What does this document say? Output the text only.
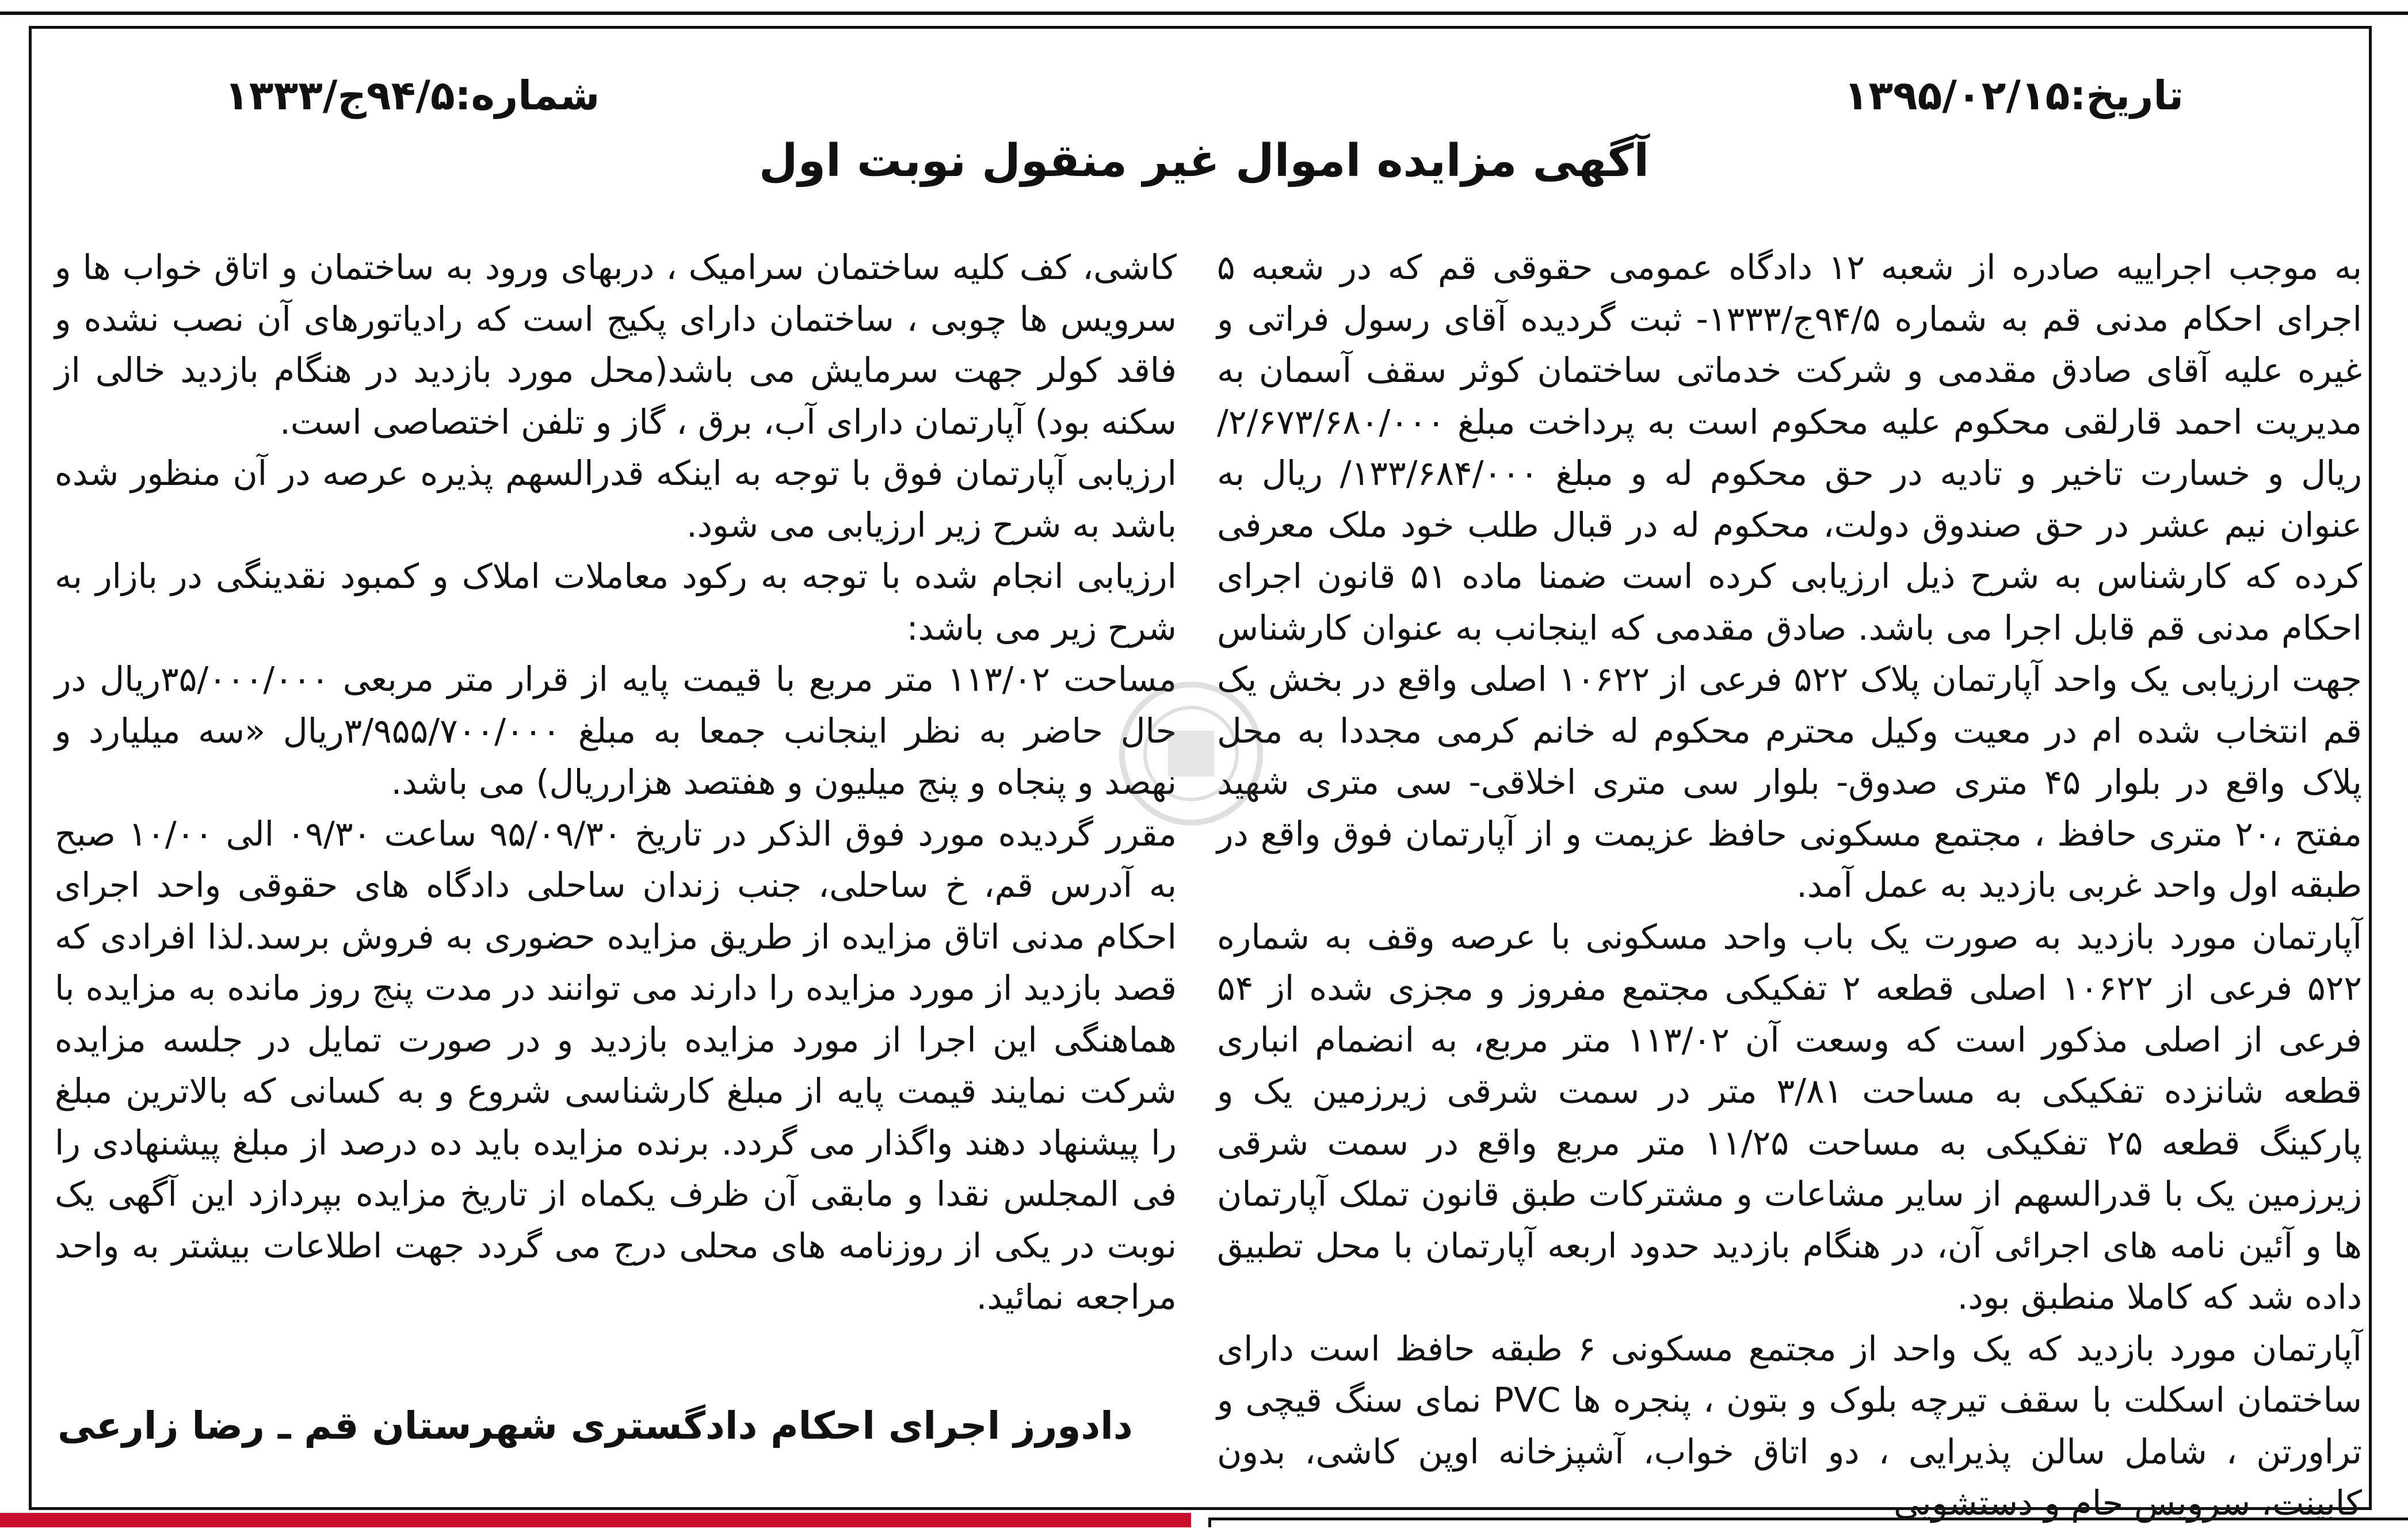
تاریخ:۱۳۹۵/۰۲/۱۵
شماره:۹۴/۵ج/۱۳۳۳
آگهی مزایده اموال غیر منقول نوبت اول

به موجب اجراییه صادره از شعبه ۱۲ دادگاه عمومی حقوقی قم که در شعبه ۵ اجرای احکام مدنی قم به شماره ۹۴/۵ج/۱۳۳۳- ثبت گردیده آقای رسول فراتی و غیره علیه آقای صادق مقدمی و شرکت خدماتی ساختمان کوثر سقف آسمان به مدیریت احمد قارلقی محکوم علیه محکوم است به پرداخت مبلغ ۲/۶۷۳/۶۸۰/۰۰۰/ ریال و خسارت تاخیر و تادیه در حق محکوم له و مبلغ ۱۳۳/۶۸۴/۰۰۰/ ریال به عنوان نیم عشر در حق صندوق دولت، محکوم له در قبال طلب خود ملک معرفی کرده که کارشناس به شرح ذیل ارزیابی کرده است ضمنا ماده ۵۱ قانون اجرای احکام مدنی قم قابل اجرا می باشد. صادق مقدمی که اینجانب به عنوان کارشناس جهت ارزیابی یک واحد آپارتمان پلاک ۵۲۲ فرعی از ۱۰۶۲۲ اصلی واقع در بخش یک قم انتخاب شده ام در معیت وکیل محترم محکوم له خانم کرمی مجددا به محل پلاک واقع در بلوار ۴۵ متری صدوق- بلوار سی متری اخلاقی- سی متری شهید مفتح ،۲۰ متری حافظ ، مجتمع مسکونی حافظ عزیمت و از آپارتمان فوق واقع در طبقه اول واحد غربی بازدید به عمل آمد.

آپارتمان مورد بازدید به صورت یک باب واحد مسکونی با عرصه وقف به شماره ۵۲۲ فرعی از ۱۰۶۲۲ اصلی قطعه ۲ تفکیکی مجتمع مفروز و مجزی شده از ۵۴ فرعی از اصلی مذکور است که وسعت آن ۱۱۳/۰۲ متر مربع، به انضمام انباری قطعه شانزده تفکیکی به مساحت ۳/۸۱ متر در سمت شرقی زیرزمین یک و پارکینگ قطعه ۲۵ تفکیکی به مساحت ۱۱/۲۵ متر مربع واقع در سمت شرقی زیرزمین یک با قدرالسهم از سایر مشاعات و مشترکات طبق قانون تملک آپارتمان ها و آئین نامه های اجرائی آن، در هنگام بازدید حدود اربعه آپارتمان با محل تطبیق داده شد که کاملا منطبق بود.

آپارتمان مورد بازدید که یک واحد از مجتمع مسکونی ۶ طبقه حافظ است دارای ساختمان اسکلت با سقف تیرچه بلوک و بتون ، پنجره ها PVC نمای سنگ قیچی و تراورتن ، شامل سالن پذیرایی ، دو اتاق خواب، آشپزخانه اوپن کاشی، بدون کابینت، سرویس حام و دستشویی

کاشی، کف کلیه ساختمان سرامیک ، دربهای ورود به ساختمان و اتاق خواب ها و سرویس ها چوبی ، ساختمان دارای پکیج است که رادیاتورهای آن نصب نشده و فاقد کولر جهت سرمایش می باشد(محل مورد بازدید در هنگام بازدید خالی از سکنه بود) آپارتمان دارای آب، برق ، گاز و تلفن اختصاصی است.

ارزیابی آپارتمان فوق با توجه به اینکه قدرالسهم پذیره عرصه در آن منظور شده باشد به شرح زیر ارزیابی می شود.

ارزیابی انجام شده با توجه به رکود معاملات املاک و کمبود نقدینگی در بازار به شرح زیر می باشد:

مساحت ۱۱۳/۰۲ متر مربع با قیمت پایه از قرار متر مربعی ۳۵/۰۰۰/۰۰۰ریال در حال حاضر به نظر اینجانب جمعا به مبلغ ۳/۹۵۵/۷۰۰/۰۰۰ریال «سه میلیارد و نهصد و پنجاه و پنج میلیون و هفتصد هزارریال) می باشد.

مقرر گردیده مورد فوق الذکر در تاریخ ۹۵/۰۹/۳۰ ساعت ۰۹/۳۰ الی ۱۰/۰۰ صبح به آدرس قم، خ ساحلی، جنب زندان ساحلی دادگاه های حقوقی واحد اجرای احکام مدنی اتاق مزایده از طریق مزایده حضوری به فروش برسد.لذا افرادی که قصد بازدید از مورد مزایده را دارند می توانند در مدت پنج روز مانده به مزایده با هماهنگی این اجرا از مورد مزایده بازدید و در صورت تمایل در جلسه مزایده شرکت نمایند قیمت پایه از مبلغ کارشناسی شروع و به کسانی که بالاترین مبلغ را پیشنهاد دهند واگذار می گردد. برنده مزایده باید ده درصد از مبلغ پیشنهادی را فی المجلس نقدا و مابقی آن ظرف یکماه از تاریخ مزایده بپردازد این آگهی یک نوبت در یکی از روزنامه های محلی درج می گردد جهت اطلاعات بیشتر به واحد مراجعه نمائید.

دادورز اجرای احکام دادگستری شهرستان قم ـ رضا زارعی
